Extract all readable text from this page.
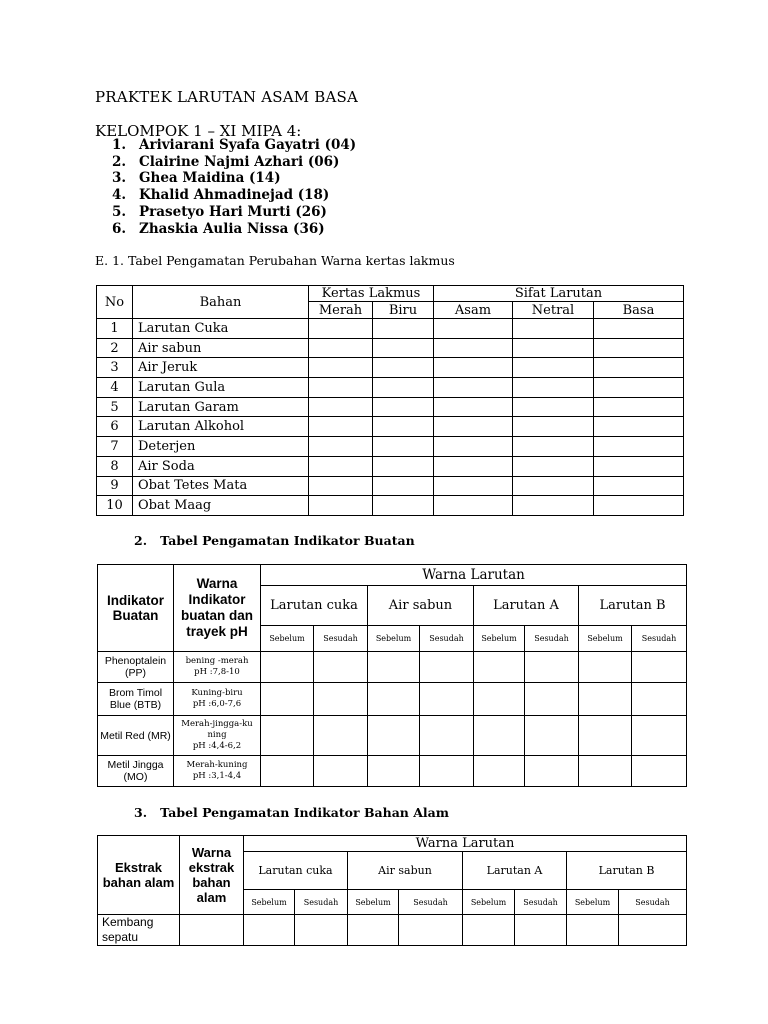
PRAKTEK LARUTAN ASAM BASA
KELOMPOK 1 – XI MIPA 4:
1. Ariviarani Syafa Gayatri (04)
2. Clairine Najmi Azhari (06)
3. Ghea Maidina (14)
4. Khalid Ahmadinejad (18)
5. Prasetyo Hari Murti (26)
6. Zhaskia Aulia Nissa (36)
E. 1. Tabel Pengamatan Perubahan Warna kertas lakmus
No	Bahan	Kertas Lakmus		Sifat Larutan		
		Merah	Biru	Asam	Netral	Basa
1	Larutan Cuka					
2	Air sabun					
3	Air Jeruk					
4	Larutan Gula					
5	Larutan Garam					
6	Larutan Alkohol					
7	Deterjen					
8	Air Soda					
9	Obat Tetes Mata					
10	Obat Maag					
2. Tabel Pengamatan Indikator Buatan
Indikator Buatan	Warna Indikator buatan dan trayek pH	Warna Larutan							
		Larutan cuka		Air sabun		Larutan A		Larutan B	
		Sebelum	Sesudah	Sebelum	Sesudah	Sebelum	Sesudah	Sebelum	Sesudah
Phenoptalein (PP)	bening -merah
pH :7,8-10								

Brom Timol Blue (BTB)	Kuning-biru
pH :6,0-7,6								

Metil Red (MR)	Merah-jingga-ku ning
pH :4,4-6,2								

Metil Jingga (MO)	Merah-kuning
pH :3,1-4,4								

3. Tabel Pengamatan Indikator Bahan Alam
Ekstrak bahan alam	Warna ekstrak bahan alam	Warna Larutan							
		Larutan cuka		Air sabun		Larutan A		Larutan B	
		Sebelum	Sesudah	Sebelum	Sesudah	Sebelum	Sesudah	Sebelum	Sesudah
Kembang sepatu									
